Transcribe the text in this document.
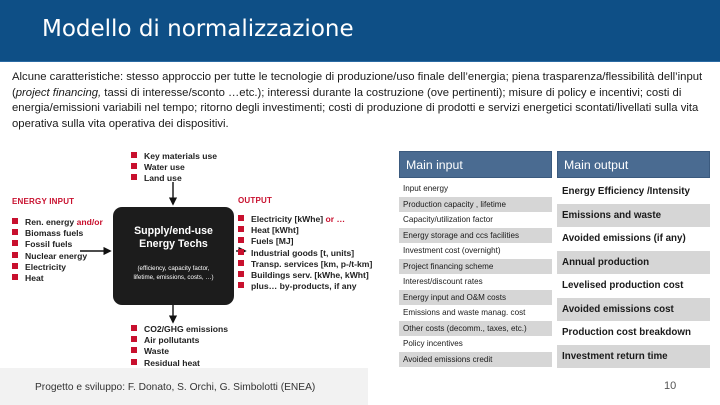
Modello di normalizzazione

Alcune caratteristiche: stesso approccio per tutte le tecnologie di produzione/uso finale dell’energia; piena trasparenza/flessibilità dell’input (project financing, tassi di interesse/sconto …etc.); interessi durante la costruzione (ove pertinenti); misure di policy e incentivi; costi di energia/emissioni variabili nel tempo; ritorno degli investimenti; costi di produzione di prodotti e servizi energetici scontati/livellati sulla vita operativa sulla vita operativa dei dispositivi.

Key materials use
Water use
Land use
ENERGY INPUT
Ren. energy and/or
Biomass fuels
Fossil fuels
Nuclear energy
Electricity
Heat
Supply/end-use
Energy Techs
(efficiency, capacity factor,
lifetime, emissions, costs, …)
OUTPUT
Electricity [kWhe] or …
Heat [kWht]
Fuels [MJ]
Industrial goods [t, units]
Transp. services [km, p-/t-km]
Buildings serv. [kWhe, kWht]
plus… by-products, if any
CO2/GHG emissions
Air pollutants
Waste
Residual heat
Main input
Input energy
Production capacity , lifetime
Capacity/utilization factor
Energy storage and ccs facilities
Investment cost (overnight)
Project financing scheme
Interest/discount rates
Energy input and O&M costs
Emissions and waste manag. cost
Other costs (decomm., taxes, etc.)
Policy incentives
Avoided emissions credit
Main output
Energy Efficiency /Intensity
Emissions and waste
Avoided emissions (if any)
Annual production
Levelised production cost
Avoided emissions cost
Production cost breakdown
Investment return time
Progetto e sviluppo: F. Donato, S. Orchi, G. Simbolotti (ENEA)	10
